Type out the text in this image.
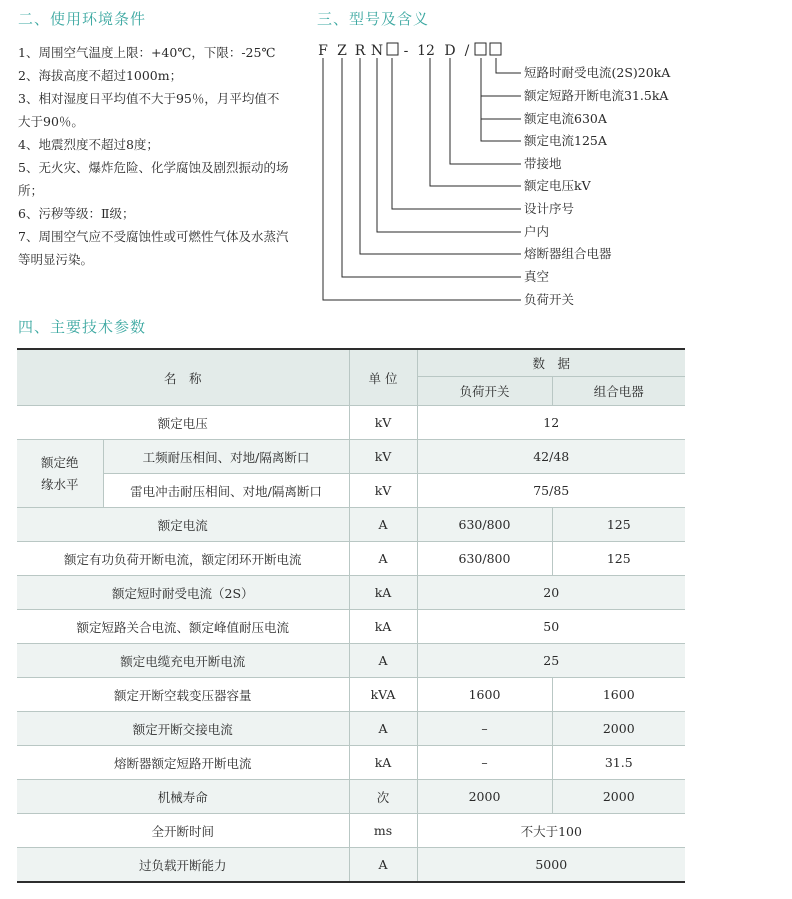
二、使用环境条件
1、周围空气温度上限：+40℃，下限：-25℃
2、海拔高度不超过1000m；
3、相对湿度日平均值不大于95％，月平均值不
大于90％。
4、地震烈度不超过8度；
5、无火灾、爆炸危险、化学腐蚀及剧烈振动的场所；
6、污秽等级：Ⅱ级；
7、周围空气应不受腐蚀性或可燃性气体及水蒸汽
等明显污染。
三、型号及含义
F Z R N 12 D /
-
短路时耐受电流(2S)20kA
额定短路开断电流31.5kA
额定电流630A
额定电流125A
带接地
额定电压kV
设计序号
户内
熔断器组合电器
真空
负荷开关
四、主要技术参数
名　称		单 位	数　据	
			负荷开关	组合电器
额定电压		kV	12	
额定绝缘水平	工频耐压相间、对地/隔离断口	kV	42/48	
	雷电冲击耐压相间、对地/隔离断口	kV	75/85	
额定电流		A	630/800	125
额定有功负荷开断电流，额定闭环开断电流		A	630/800	125
额定短时耐受电流（2S）		kA	20	
额定短路关合电流、额定峰值耐压电流		kA	50	
额定电缆充电开断电流		A	25	
额定开断空载变压器容量		kVA	1600	1600
额定开断交接电流		A	–	2000
熔断器额定短路开断电流		kA	–	31.5
机械寿命		次	2000	2000
全开断时间		ms	不大于100	
过负载开断能力		A	5000	
